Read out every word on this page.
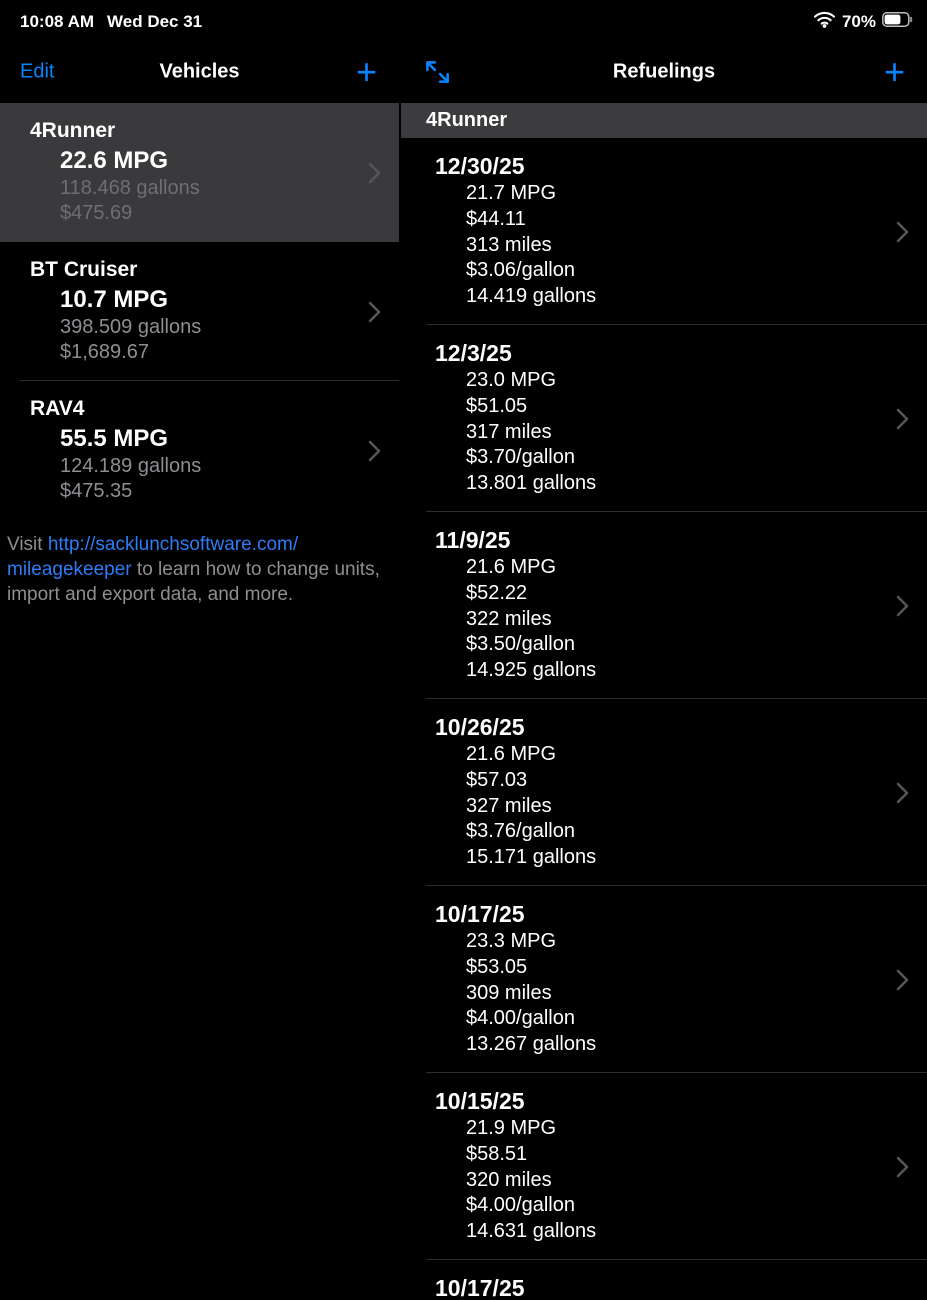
10:08 AM Wed Dec 31	70%
Edit	Vehicles	+
4Runner
22.6 MPG
118.468 gallons
$475.69
BT Cruiser
10.7 MPG
398.509 gallons
$1,689.67
RAV4
55.5 MPG
124.189 gallons
$475.35

Visit http://sacklunchsoftware.com/
mileagekeeper to learn how to change units,
import and export data, and more.

Refuelings	+
4Runner
12/30/25
21.7 MPG
$44.11
313 miles
$3.06/gallon
14.419 gallons
12/3/25
23.0 MPG
$51.05
317 miles
$3.70/gallon
13.801 gallons
11/9/25
21.6 MPG
$52.22
322 miles
$3.50/gallon
14.925 gallons
10/26/25
21.6 MPG
$57.03
327 miles
$3.76/gallon
15.171 gallons
10/17/25
23.3 MPG
$53.05
309 miles
$4.00/gallon
13.267 gallons
10/15/25
21.9 MPG
$58.51
320 miles
$4.00/gallon
14.631 gallons
10/17/25
